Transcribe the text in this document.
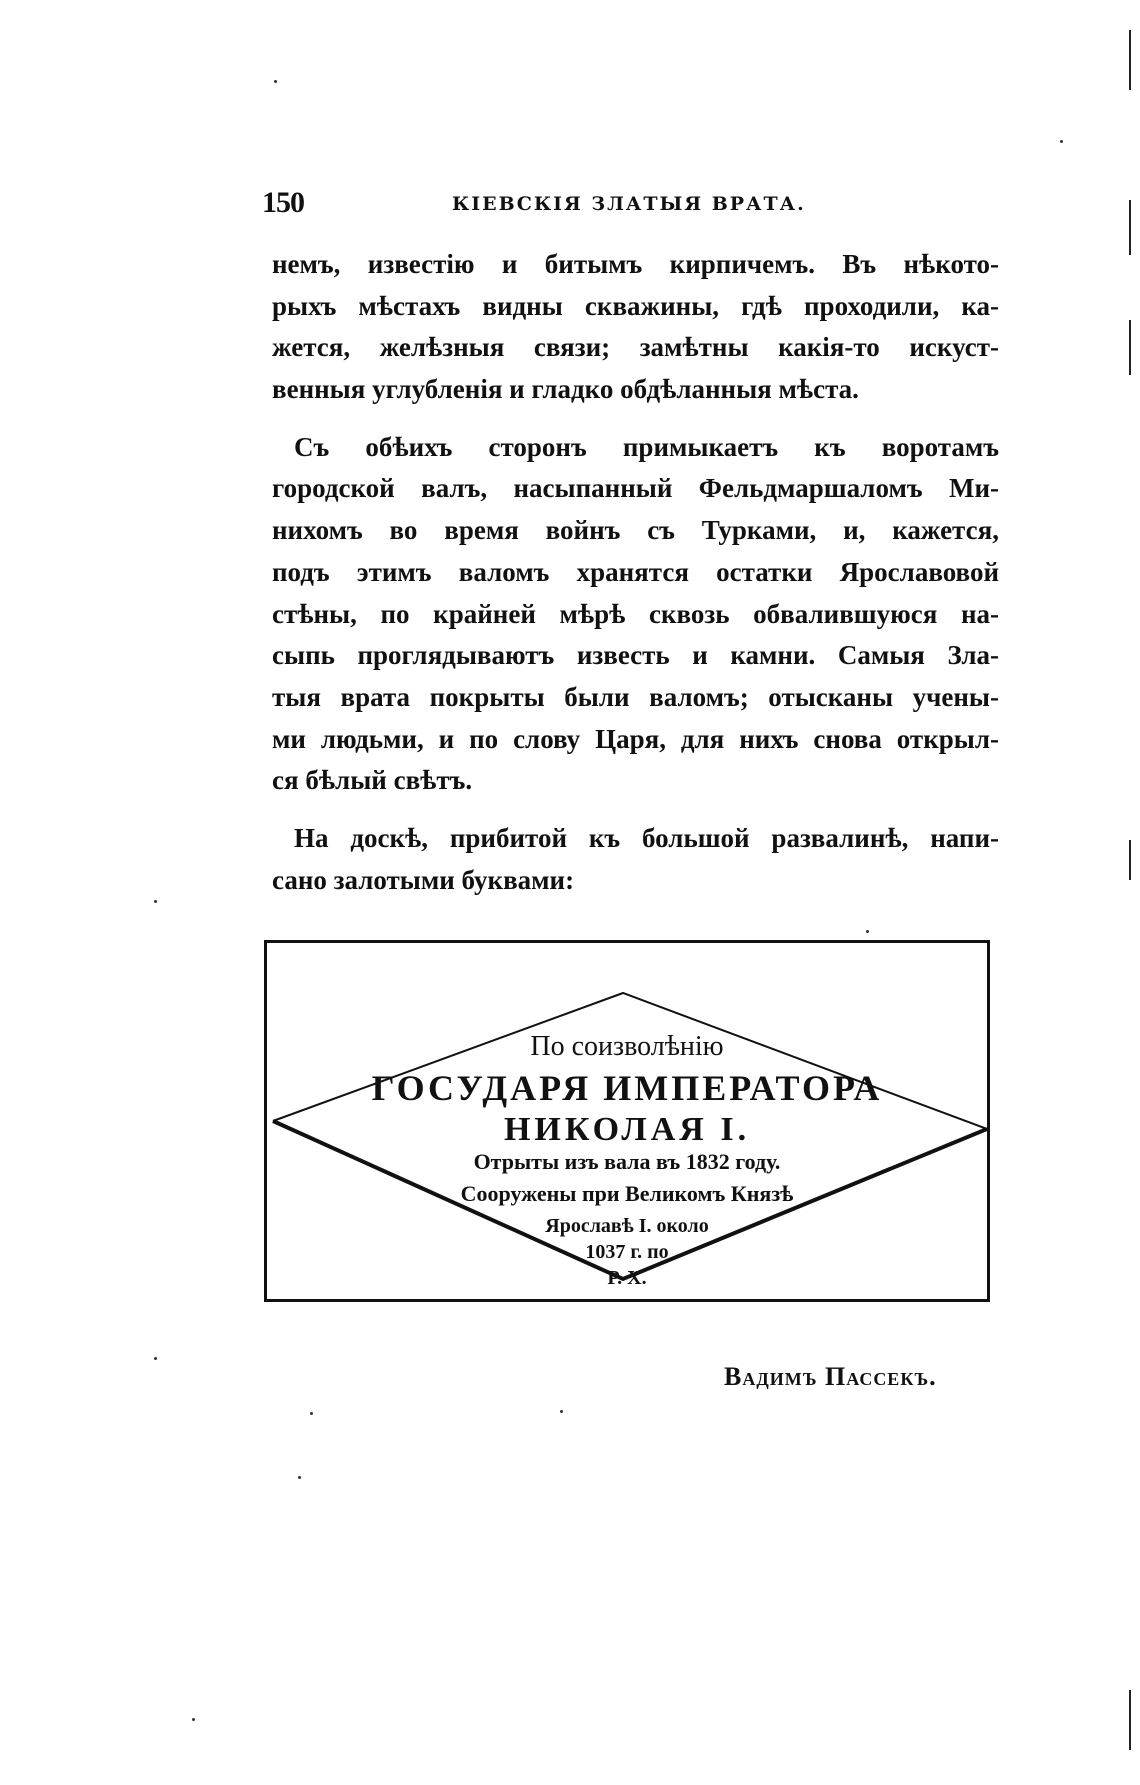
150	КІЕВСКІЯ ЗЛАТЫЯ ВРАТА.
немъ, известію и битымъ кирпичемъ. Въ нѣкото-
рыхъ мѣстахъ видны скважины, гдѣ проходили, ка-
жется, желѣзныя связи; замѣтны какія-то искуст-
венныя углубленія и гладко обдѣланныя мѣста.
Съ обѣихъ сторонъ примыкаетъ къ воротамъ
городской валъ, насыпанный Фельдмаршаломъ Ми-
нихомъ во время войнъ съ Турками, и, кажется,
подъ этимъ валомъ хранятся остатки Ярославовой
стѣны, по крайней мѣрѣ сквозь обвалившуюся на-
сыпь проглядываютъ известь и камни. Самыя Зла-
тыя врата покрыты были валомъ; отысканы учены-
ми людьми, и по слову Царя, для нихъ снова открыл-
ся бѣлый свѣтъ.
На доскѣ, прибитой къ большой развалинѣ, напи-
сано залотыми буквами:
По соизволѣнію
ГОСУДАРЯ ИМПЕРАТОРА
НИКОЛАЯ I.
Отрыты изъ вала въ 1832 году.
Сооружены при Великомъ Князѣ
Ярославѣ I. около
1037 г. по
Р. Х.
Вадимъ Пассекъ.
